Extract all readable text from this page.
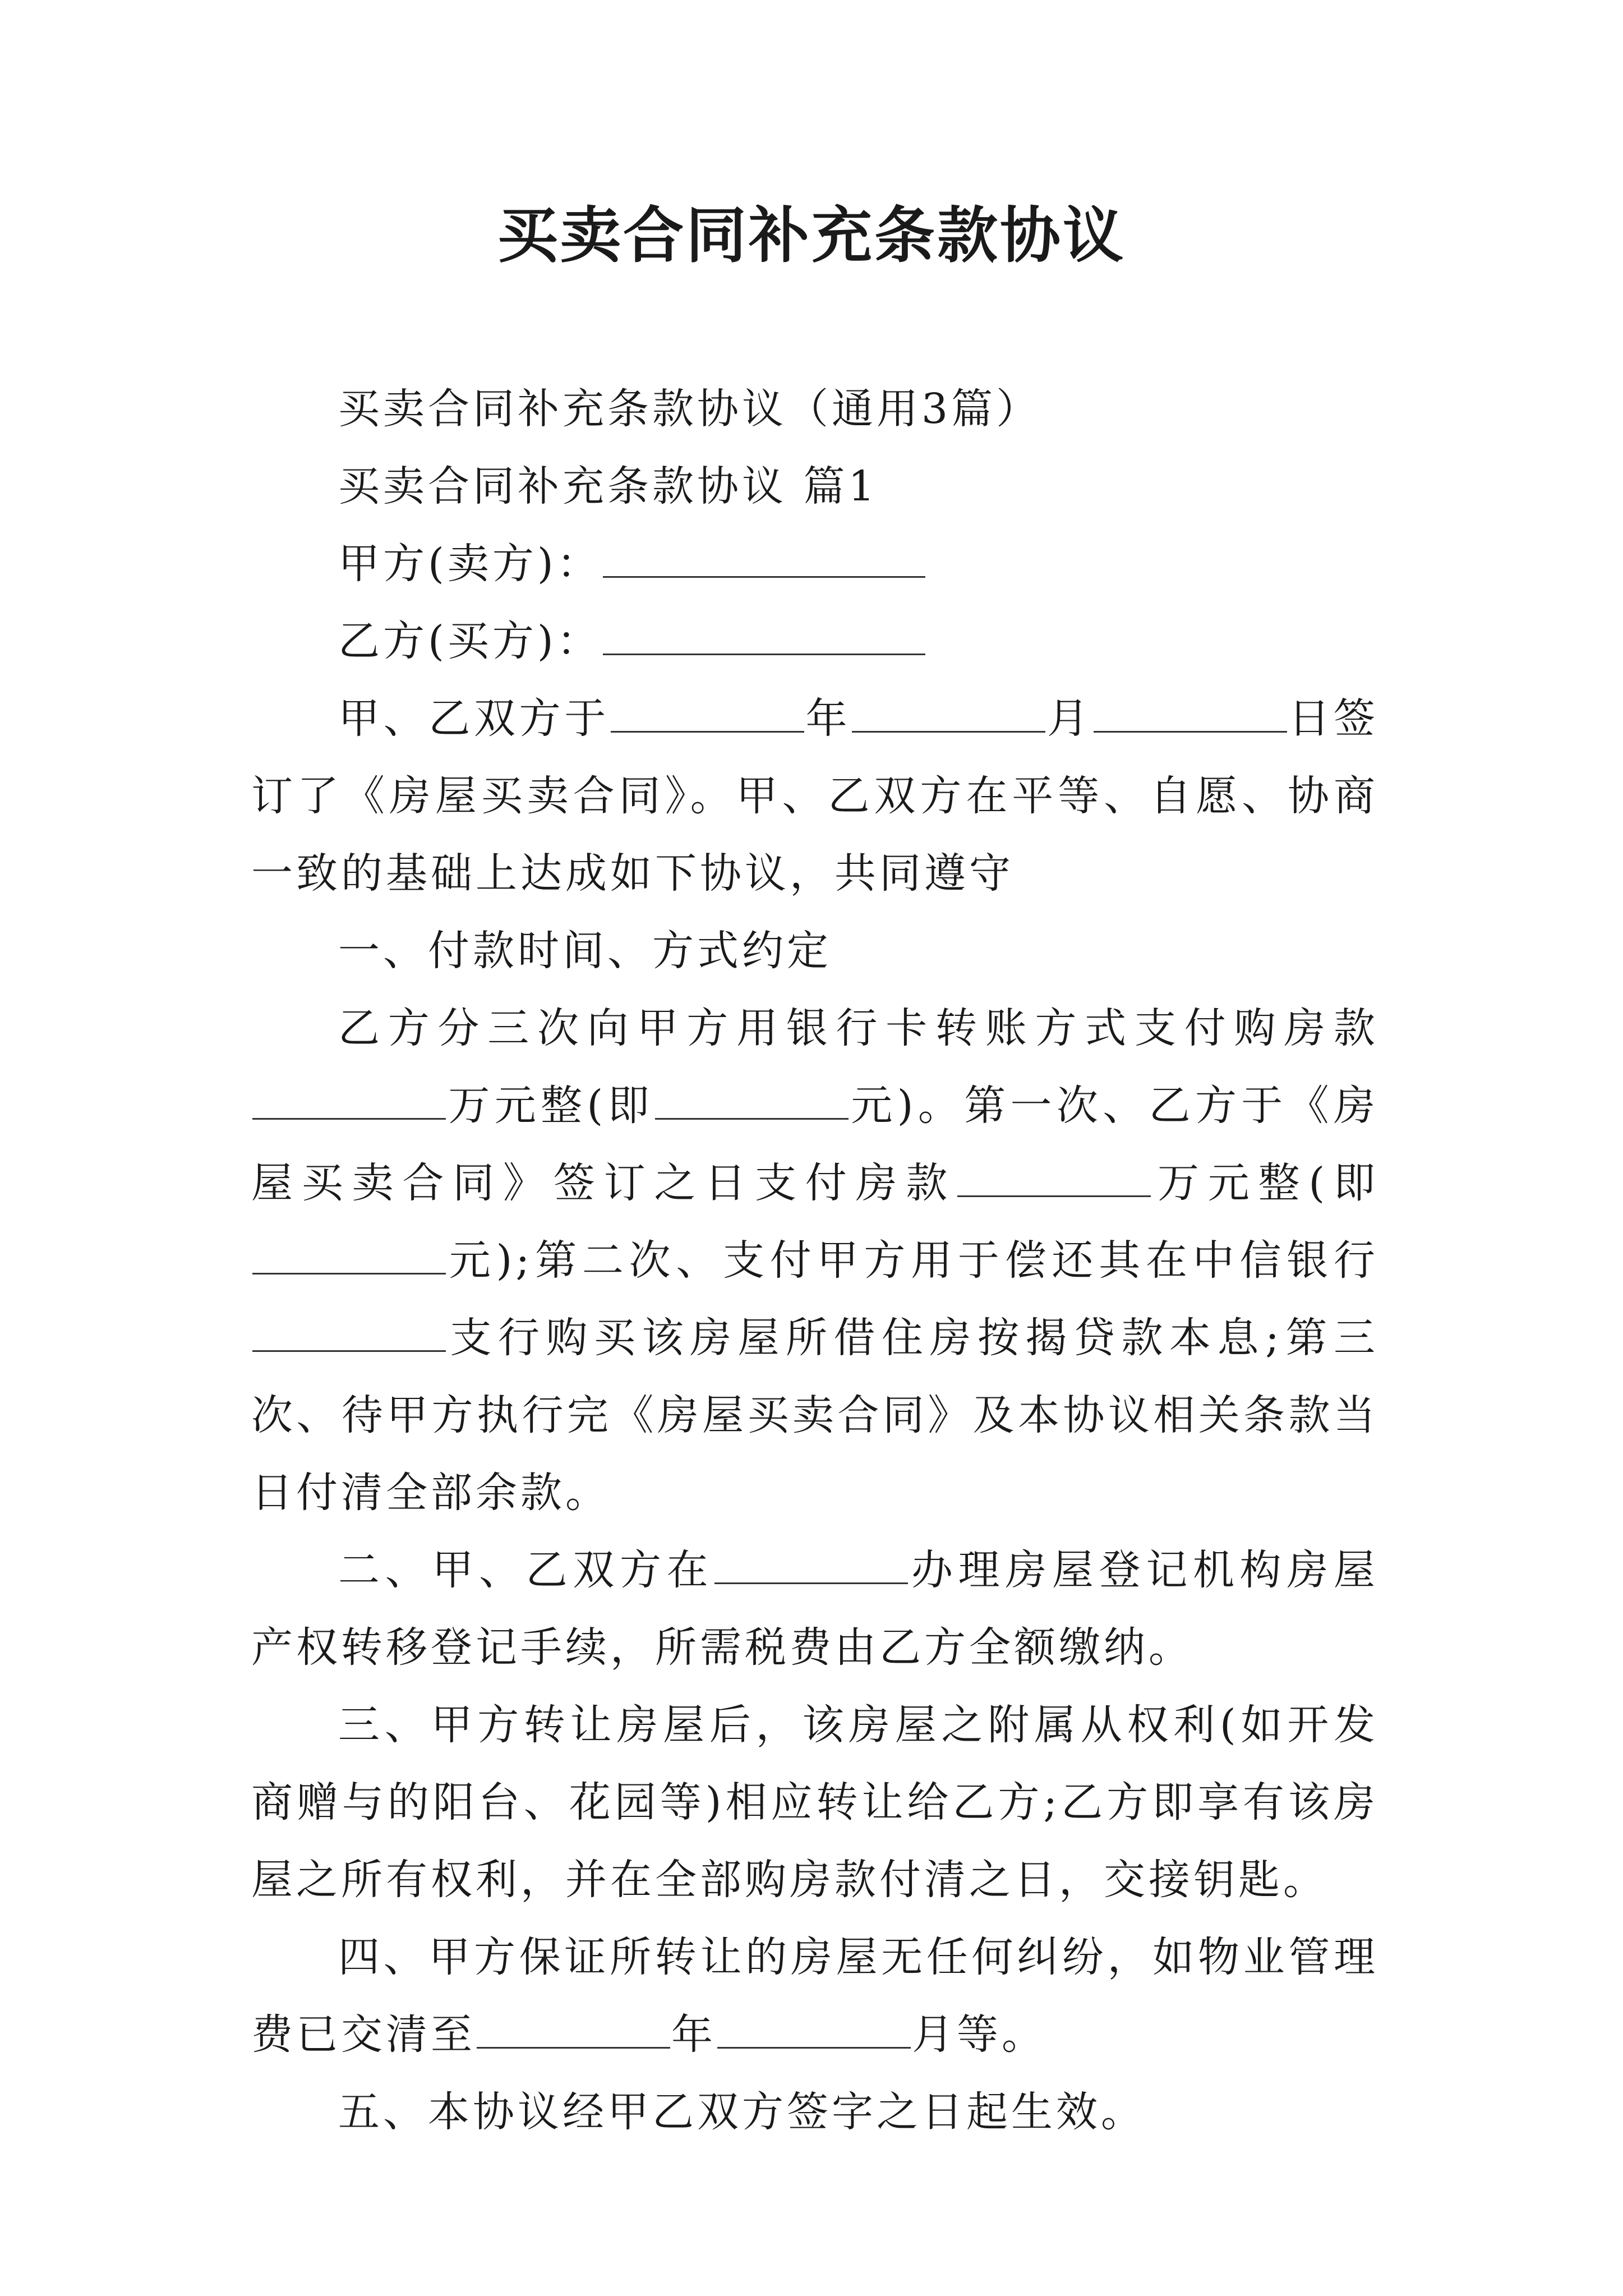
买卖合同补充条款协议

买卖合同补充条款协议（通用3篇）

买卖合同补充条款协议 篇1

甲方(卖方)：

乙方(买方)：

甲、乙双方于	年	月	日签订了《房屋买卖合同》。甲、乙双方在平等、自愿、协商一致的基础上达成如下协议，共同遵守

一、付款时间、方式约定

乙方分三次向甲方用银行卡转账方式支付购房款万元整(即	元)。第一次、乙方于《房屋买卖合同》签订之日支付房款	万元整(即元);第二次、支付甲方用于偿还其在中信银行支行购买该房屋所借住房按揭贷款本息;第三次、待甲方执行完《房屋买卖合同》及本协议相关条款当日付清全部余款。

二、甲、乙双方在	办理房屋登记机构房屋产权转移登记手续，所需税费由乙方全额缴纳。

三、甲方转让房屋后，该房屋之附属从权利(如开发商赠与的阳台、花园等)相应转让给乙方;乙方即享有该房屋之所有权利，并在全部购房款付清之日，交接钥匙。

四、甲方保证所转让的房屋无任何纠纷，如物业管理费已交清至	年	月等。

五、本协议经甲乙双方签字之日起生效。
